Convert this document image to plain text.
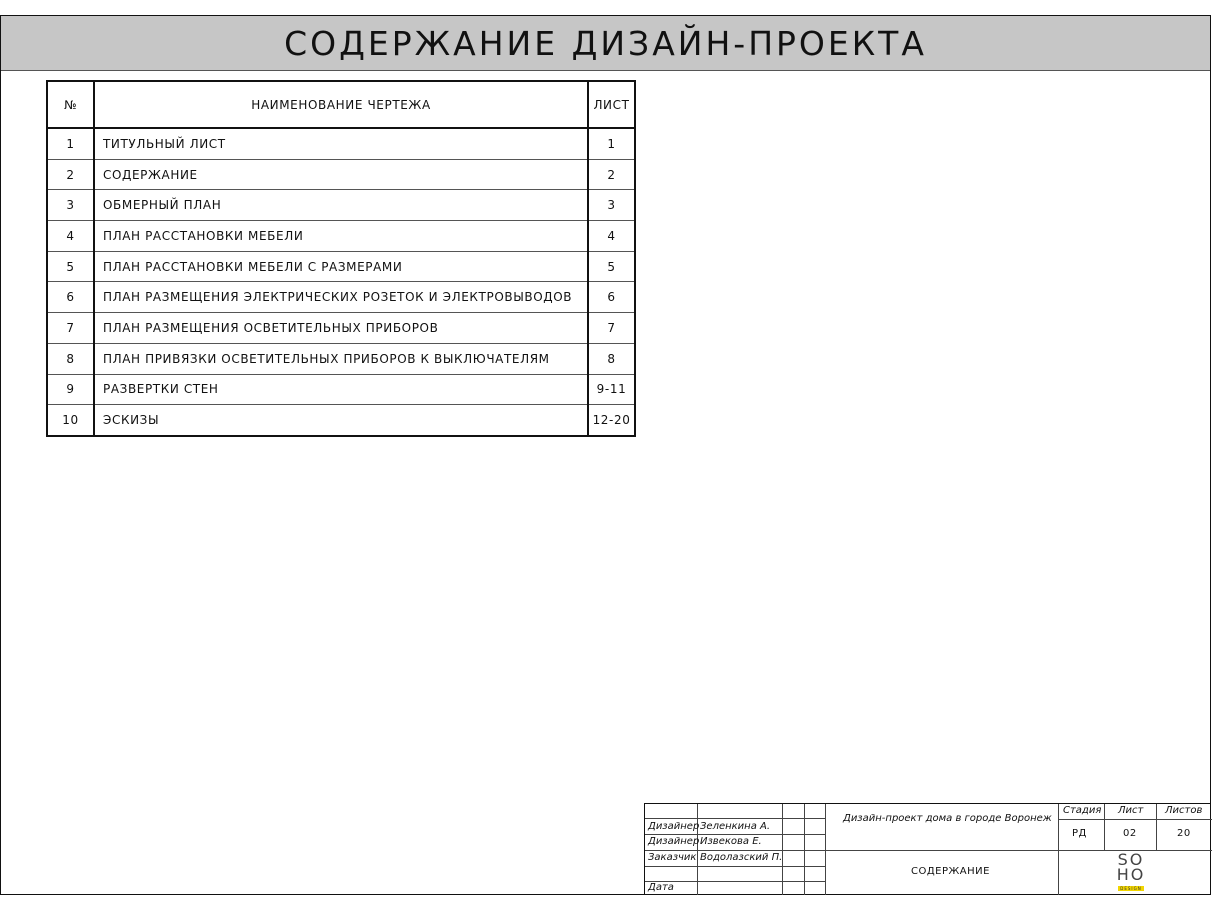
СОДЕРЖАНИЕ ДИЗАЙН-ПРОЕКТА
№	НАИМЕНОВАНИЕ ЧЕРТЕЖА	ЛИСТ
1	ТИТУЛЬНЫЙ ЛИСТ	1
2	СОДЕРЖАНИЕ	2
3	ОБМЕРНЫЙ ПЛАН	3
4	ПЛАН РАССТАНОВКИ МЕБЕЛИ	4
5	ПЛАН РАССТАНОВКИ МЕБЕЛИ С РАЗМЕРАМИ	5
6	ПЛАН РАЗМЕЩЕНИЯ ЭЛЕКТРИЧЕСКИХ РОЗЕТОК И ЭЛЕКТРОВЫВОДОВ	6
7	ПЛАН РАЗМЕЩЕНИЯ ОСВЕТИТЕЛЬНЫХ ПРИБОРОВ	7
8	ПЛАН ПРИВЯЗКИ ОСВЕТИТЕЛЬНЫХ ПРИБОРОВ К ВЫКЛЮЧАТЕЛЯМ	8
9	РАЗВЕРТКИ СТЕН	9-11
10	ЭСКИЗЫ	12-20
Дизайнер Зеленкина А.
Дизайнер Извекова Е.
Заказчик Водолазский П.
Дата
Дизайн-проект дома в городе Воронеж
СОДЕРЖАНИЕ
Стадия Лист Листов
РД	02	20
SO
HO
DESIGN
